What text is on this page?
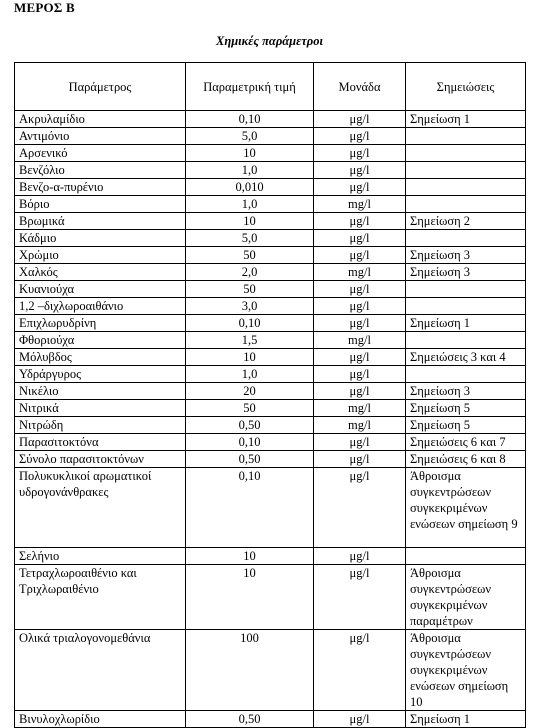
ΜΕΡΟΣ Β
Χημικές παράμετροι
Παράμετρος	Παραμετρική τιμή	Μονάδα	Σημειώσεις
Ακρυλαμίδιο	0,10	μg/l	Σημείωση 1
Αντιμόνιο	5,0	μg/l	
Αρσενικό	10	μg/l	
Βενζόλιο	1,0	μg/l	
Βενζο-α-πυρένιο	0,010	μg/l	
Βόριο	1,0	mg/l	
Βρωμικά	10	μg/l	Σημείωση 2
Κάδμιο	5,0	μg/l	
Χρώμιο	50	μg/l	Σημείωση 3
Χαλκός	2,0	mg/l	Σημείωση 3
Κυανιούχα	50	μg/l	
1,2 –διχλωροαιθάνιο	3,0	μg/l	
Επιχλωρυδρίνη	0,10	μg/l	Σημείωση 1
Φθοριούχα	1,5	mg/l	
Μόλυβδος	10	μg/l	Σημειώσεις 3 και 4
Υδράργυρος	1,0	μg/l	
Νικέλιο	20	μg/l	Σημείωση 3
Νιτρικά	50	mg/l	Σημείωση 5
Νιτρώδη	0,50	mg/l	Σημείωση 5
Παρασιτοκτόνα	0,10	μg/l	Σημειώσεις 6 και 7
Σύνολο παρασιτοκτόνων	0,50	μg/l	Σημειώσεις 6 και 8
Πολυκυκλικοί αρωματικοί υδρογονάνθρακες	0,10	μg/l	Άθροισμα συγκεντρώσεων συγκεκριμένων ενώσεων σημείωση 9
Σελήνιο	10	μg/l	
Τετραχλωροαιθένιο και Τριχλωραιθένιο	10	μg/l	Άθροισμα συγκεντρώσεων συγκεκριμένων παραμέτρων
Ολικά τριαλογονομεθάνια	100	μg/l	Άθροισμα συγκεντρώσεων συγκεκριμένων ενώσεων σημείωση 10
Βινυλοχλωρίδιο	0,50	μg/l	Σημείωση 1
